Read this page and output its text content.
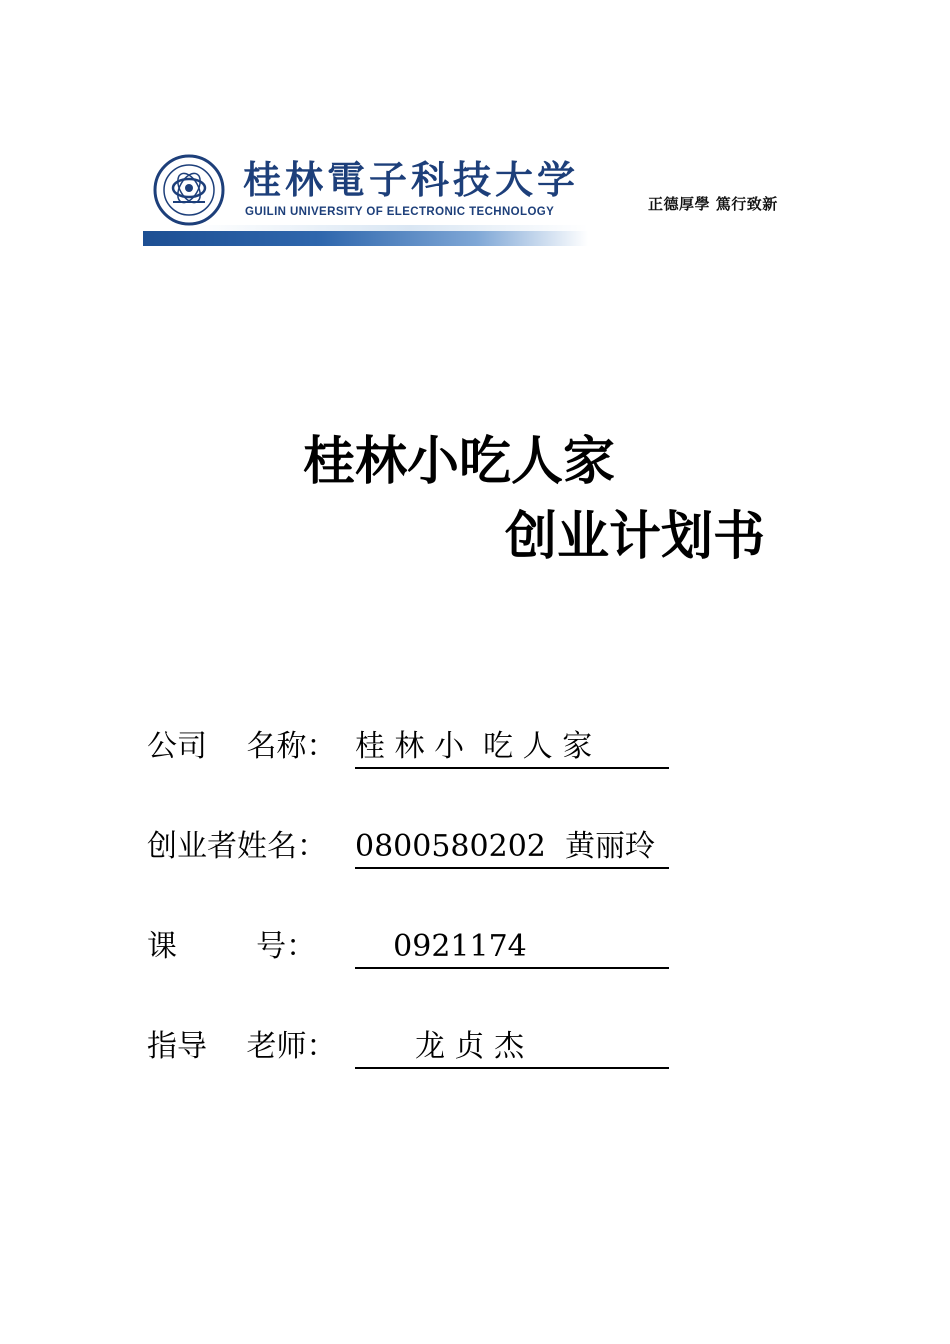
桂林電子科技大学
GUILIN UNIVERSITY OF ELECTRONIC TECHNOLOGY	正德厚學 篤行致新
桂林小吃人家
创业计划书
公司　 名称： 桂 林 小  吃 人 家
创业者姓名： 0800580202  黄丽玲
课　　  号： 0921174
指导　 老师： 　　龙 贞 杰
